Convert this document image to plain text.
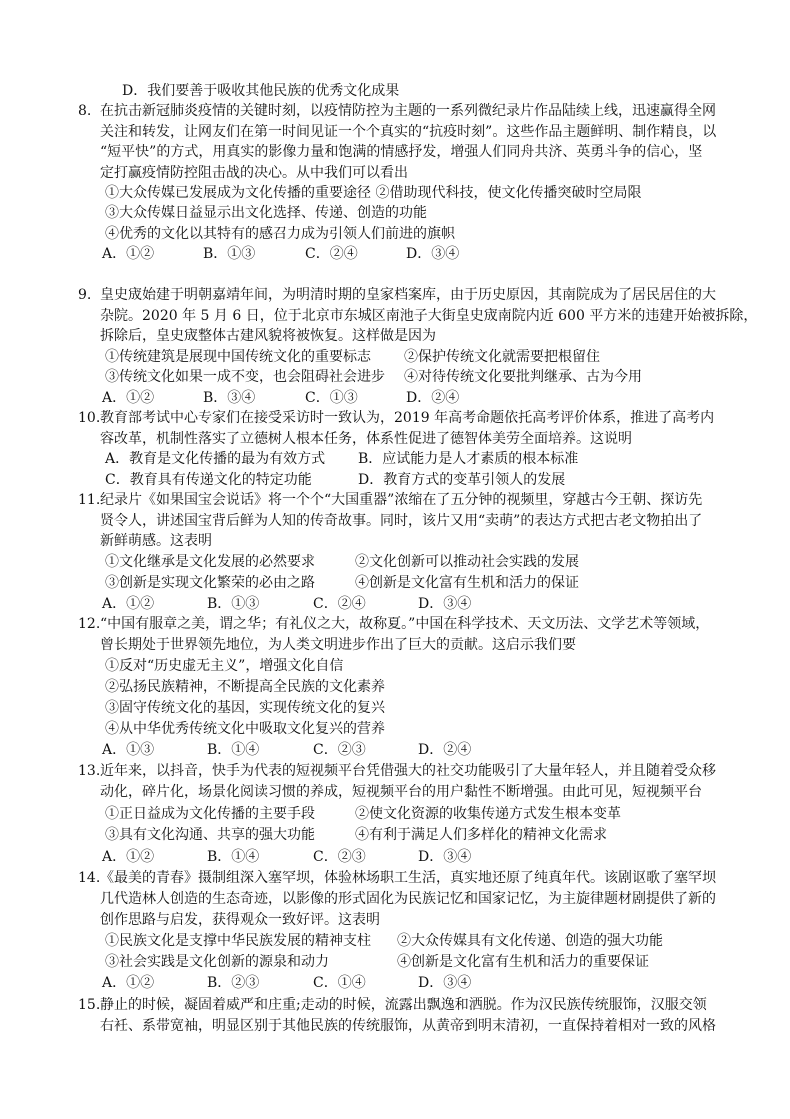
D．我们要善于吸收其他民族的优秀文化成果
8. 在抗击新冠肺炎疫情的关键时刻，以疫情防控为主题的一系列微纪录片作品陆续上线，迅速赢得全网
关注和转发，让网友们在第一时间见证一个个真实的“抗疫时刻”。这些作品主题鲜明、制作精良，以
“短平快”的方式，用真实的影像力量和饱满的情感抒发，增强人们同舟共济、英勇斗争的信心，坚
定打赢疫情防控阻击战的决心。从中我们可以看出
①大众传媒已发展成为文化传播的重要途径 ②借助现代科技，使文化传播突破时空局限
③大众传媒日益显示出文化选择、传递、创造的功能
④优秀的文化以其特有的感召力成为引领人们前进的旗帜
A．①②	B．①③	C．②④	D．③④
9. 皇史宬始建于明朝嘉靖年间，为明清时期的皇家档案库，由于历史原因，其南院成为了居民居住的大
杂院。2020 年 5 月 6 日，位于北京市东城区南池子大街皇史宬南院内近 600 平方米的违建开始被拆除，
拆除后，皇史宬整体古建风貌将被恢复。这样做是因为
①传统建筑是展现中国传统文化的重要标志 ②保护传统文化就需要把根留住
③传统文化如果一成不变，也会阻碍社会进步 ④对待传统文化要批判继承、古为今用
A．①②	B．③④	C．①③	D．②④
10.教育部考试中心专家们在接受采访时一致认为，2019 年高考命题依托高考评价体系，推进了高考内
容改革，机制性落实了立德树人根本任务，体系性促进了德智体美劳全面培养。这说明
A．教育是文化传播的最为有效方式 B．应试能力是人才素质的根本标准
C．教育具有传递文化的特定功能	D．教育方式的变革引领人的发展
11.纪录片《如果国宝会说话》将一个个“大国重器”浓缩在了五分钟的视频里，穿越古今王朝、探访先
贤令人，讲述国宝背后鲜为人知的传奇故事。同时，该片又用“卖萌”的表达方式把古老文物拍出了
新鲜萌感。这表明
①文化继承是文化发展的必然要求	②文化创新可以推动社会实践的发展
③创新是实现文化繁荣的必由之路	④创新是文化富有生机和活力的保证
A．①②	B．①③	C．②④	D．③④
12.“中国有服章之美，谓之华；有礼仪之大，故称夏。”中国在科学技术、天文历法、文学艺术等领域，
曾长期处于世界领先地位，为人类文明进步作出了巨大的贡献。这启示我们要
①反对“历史虚无主义”，增强文化自信
②弘扬民族精神，不断提高全民族的文化素养
③固守传统文化的基因，实现传统文化的复兴
④从中华优秀传统文化中吸取文化复兴的营养
A．①③	B．①④	C．②③	D．②④
13.近年来，以抖音，快手为代表的短视频平台凭借强大的社交功能吸引了大量年轻人，并且随着受众移
动化，碎片化，场景化阅读习惯的养成，短视频平台的用户黏性不断增强。由此可见，短视频平台
①正日益成为文化传播的主要手段	②使文化资源的收集传递方式发生根本变革
③具有文化沟通、共享的强大功能	④有利于满足人们多样化的精神文化需求
A．①②	B．①④	C．②③	D．③④
14.《最美的青春》摄制组深入塞罕坝，体验林场职工生活，真实地还原了纯真年代。该剧讴歌了塞罕坝
几代造林人创造的生态奇迹，以影像的形式固化为民族记忆和国家记忆，为主旋律题材剧提供了新的
创作思路与启发，获得观众一致好评。这表明
①民族文化是支撑中华民族发展的精神支柱 ②大众传媒具有文化传递、创造的强大功能
③社会实践是文化创新的源泉和动力	④创新是文化富有生机和活力的重要保证
A．①②	B．②③	C．①④	D．③④
15.静止的时候，凝固着威严和庄重;走动的时候，流露出飘逸和洒脱。作为汉民族传统服饰，汉服交领
右衽、系带宽袖，明显区别于其他民族的传统服饰，从黄帝到明末清初，一直保持着相对一致的风格
